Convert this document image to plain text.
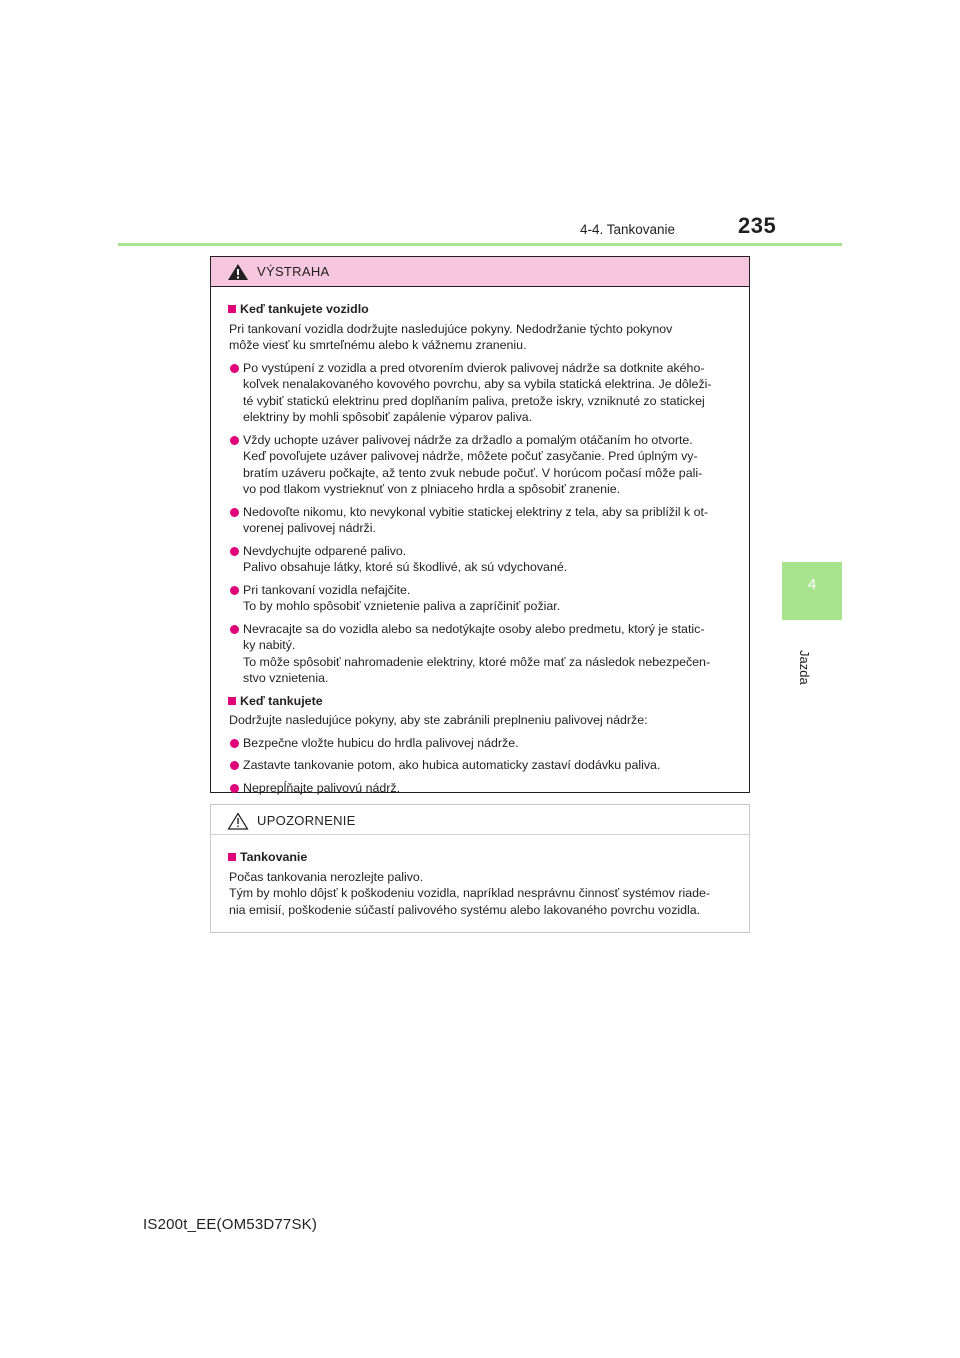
4-4. Tankovanie	235
4
Jazda
VÝSTRAHA
Keď tankujete vozidlo
Pri tankovaní vozidla dodržujte nasledujúce pokyny. Nedodržanie týchto pokynov
môže viesť ku smrteľnému alebo k vážnemu zraneniu.
Po vystúpení z vozidla a pred otvorením dvierok palivovej nádrže sa dotknite akého-
koľvek nenalakovaného kovového povrchu, aby sa vybila statická elektrina. Je dôleži-
té vybiť statickú elektrinu pred doplňaním paliva, pretože iskry, vzniknuté zo statickej
elektriny by mohli spôsobiť zapálenie výparov paliva.
Vždy uchopte uzáver palivovej nádrže za držadlo a pomalým otáčaním ho otvorte.
Keď povoľujete uzáver palivovej nádrže, môžete počuť zasyčanie. Pred úplným vy-
bratím uzáveru počkajte, až tento zvuk nebude počuť. V horúcom počasí môže pali-
vo pod tlakom vystrieknuť von z plniaceho hrdla a spôsobiť zranenie.
Nedovoľte nikomu, kto nevykonal vybitie statickej elektriny z tela, aby sa priblížil k ot-
vorenej palivovej nádrži.
Nevdychujte odparené palivo.
Palivo obsahuje látky, ktoré sú škodlivé, ak sú vdychované.
Pri tankovaní vozidla nefajčite.
To by mohlo spôsobiť vznietenie paliva a zapríčiniť požiar.
Nevracajte sa do vozidla alebo sa nedotýkajte osoby alebo predmetu, ktorý je static-
ky nabitý.
To môže spôsobiť nahromadenie elektriny, ktoré môže mať za následok nebezpečen-
stvo vznietenia.
Keď tankujete
Dodržujte nasledujúce pokyny, aby ste zabránili preplneniu palivovej nádrže:
Bezpečne vložte hubicu do hrdla palivovej nádrže.
Zastavte tankovanie potom, ako hubica automaticky zastaví dodávku paliva.
Neprepĺňajte palivovú nádrž.
UPOZORNENIE
Tankovanie
Počas tankovania nerozlejte palivo.
Tým by mohlo dôjsť k poškodeniu vozidla, napríklad nesprávnu činnosť systémov riade-
nia emisií, poškodenie súčastí palivového systému alebo lakovaného povrchu vozidla.
IS200t_EE(OM53D77SK)
